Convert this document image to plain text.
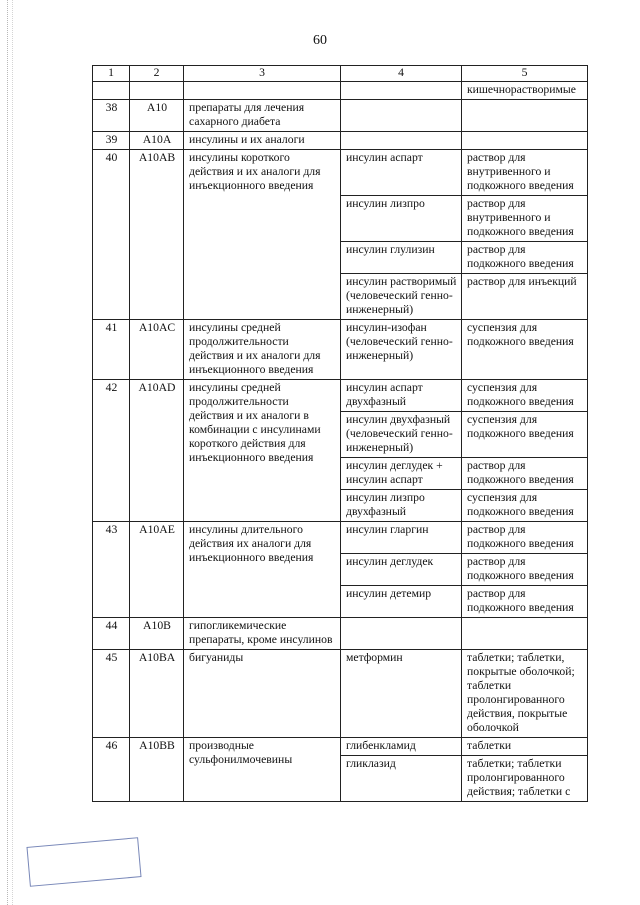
60
1	2	3	4	5
				кишечнорастворимые
38	A10	препараты для лечения сахарного диабета		
39	A10A	инсулины и их аналоги		
40	A10AB	инсулины короткого действия и их аналоги для инъекционного введения	инсулин аспарт	раствор для внутривенного и подкожного введения
			инсулин лизпро	раствор для внутривенного и подкожного введения
			инсулин глулизин	раствор для подкожного введения
			инсулин растворимый (человеческий генно-инженерный)	раствор для инъекций
41	A10AC	инсулины средней продолжительности действия и их аналоги для инъекционного введения	инсулин-изофан (человеческий генно-инженерный)	суспензия для подкожного введения
42	A10AD	инсулины средней продолжительности действия и их аналоги в комбинации с инсулинами короткого действия для инъекционного введения	инсулин аспарт двухфазный	суспензия для подкожного введения
			инсулин двухфазный (человеческий генно-инженерный)	суспензия для подкожного введения
			инсулин деглудек + инсулин аспарт	раствор для подкожного введения
			инсулин лизпро двухфазный	суспензия для подкожного введения
43	A10AE	инсулины длительного действия их аналоги для инъекционного введения	инсулин гларгин	раствор для подкожного введения
			инсулин деглудек	раствор для подкожного введения
			инсулин детемир	раствор для подкожного введения
44	A10B	гипогликемические препараты, кроме инсулинов		
45	A10BA	бигуаниды	метформин	таблетки; таблетки, покрытые оболочкой; таблетки пролонгированного действия, покрытые оболочкой
46	A10BB	производные сульфонилмочевины	глибенкламид	таблетки
			гликлазид	таблетки; таблетки пролонгированного действия; таблетки с
